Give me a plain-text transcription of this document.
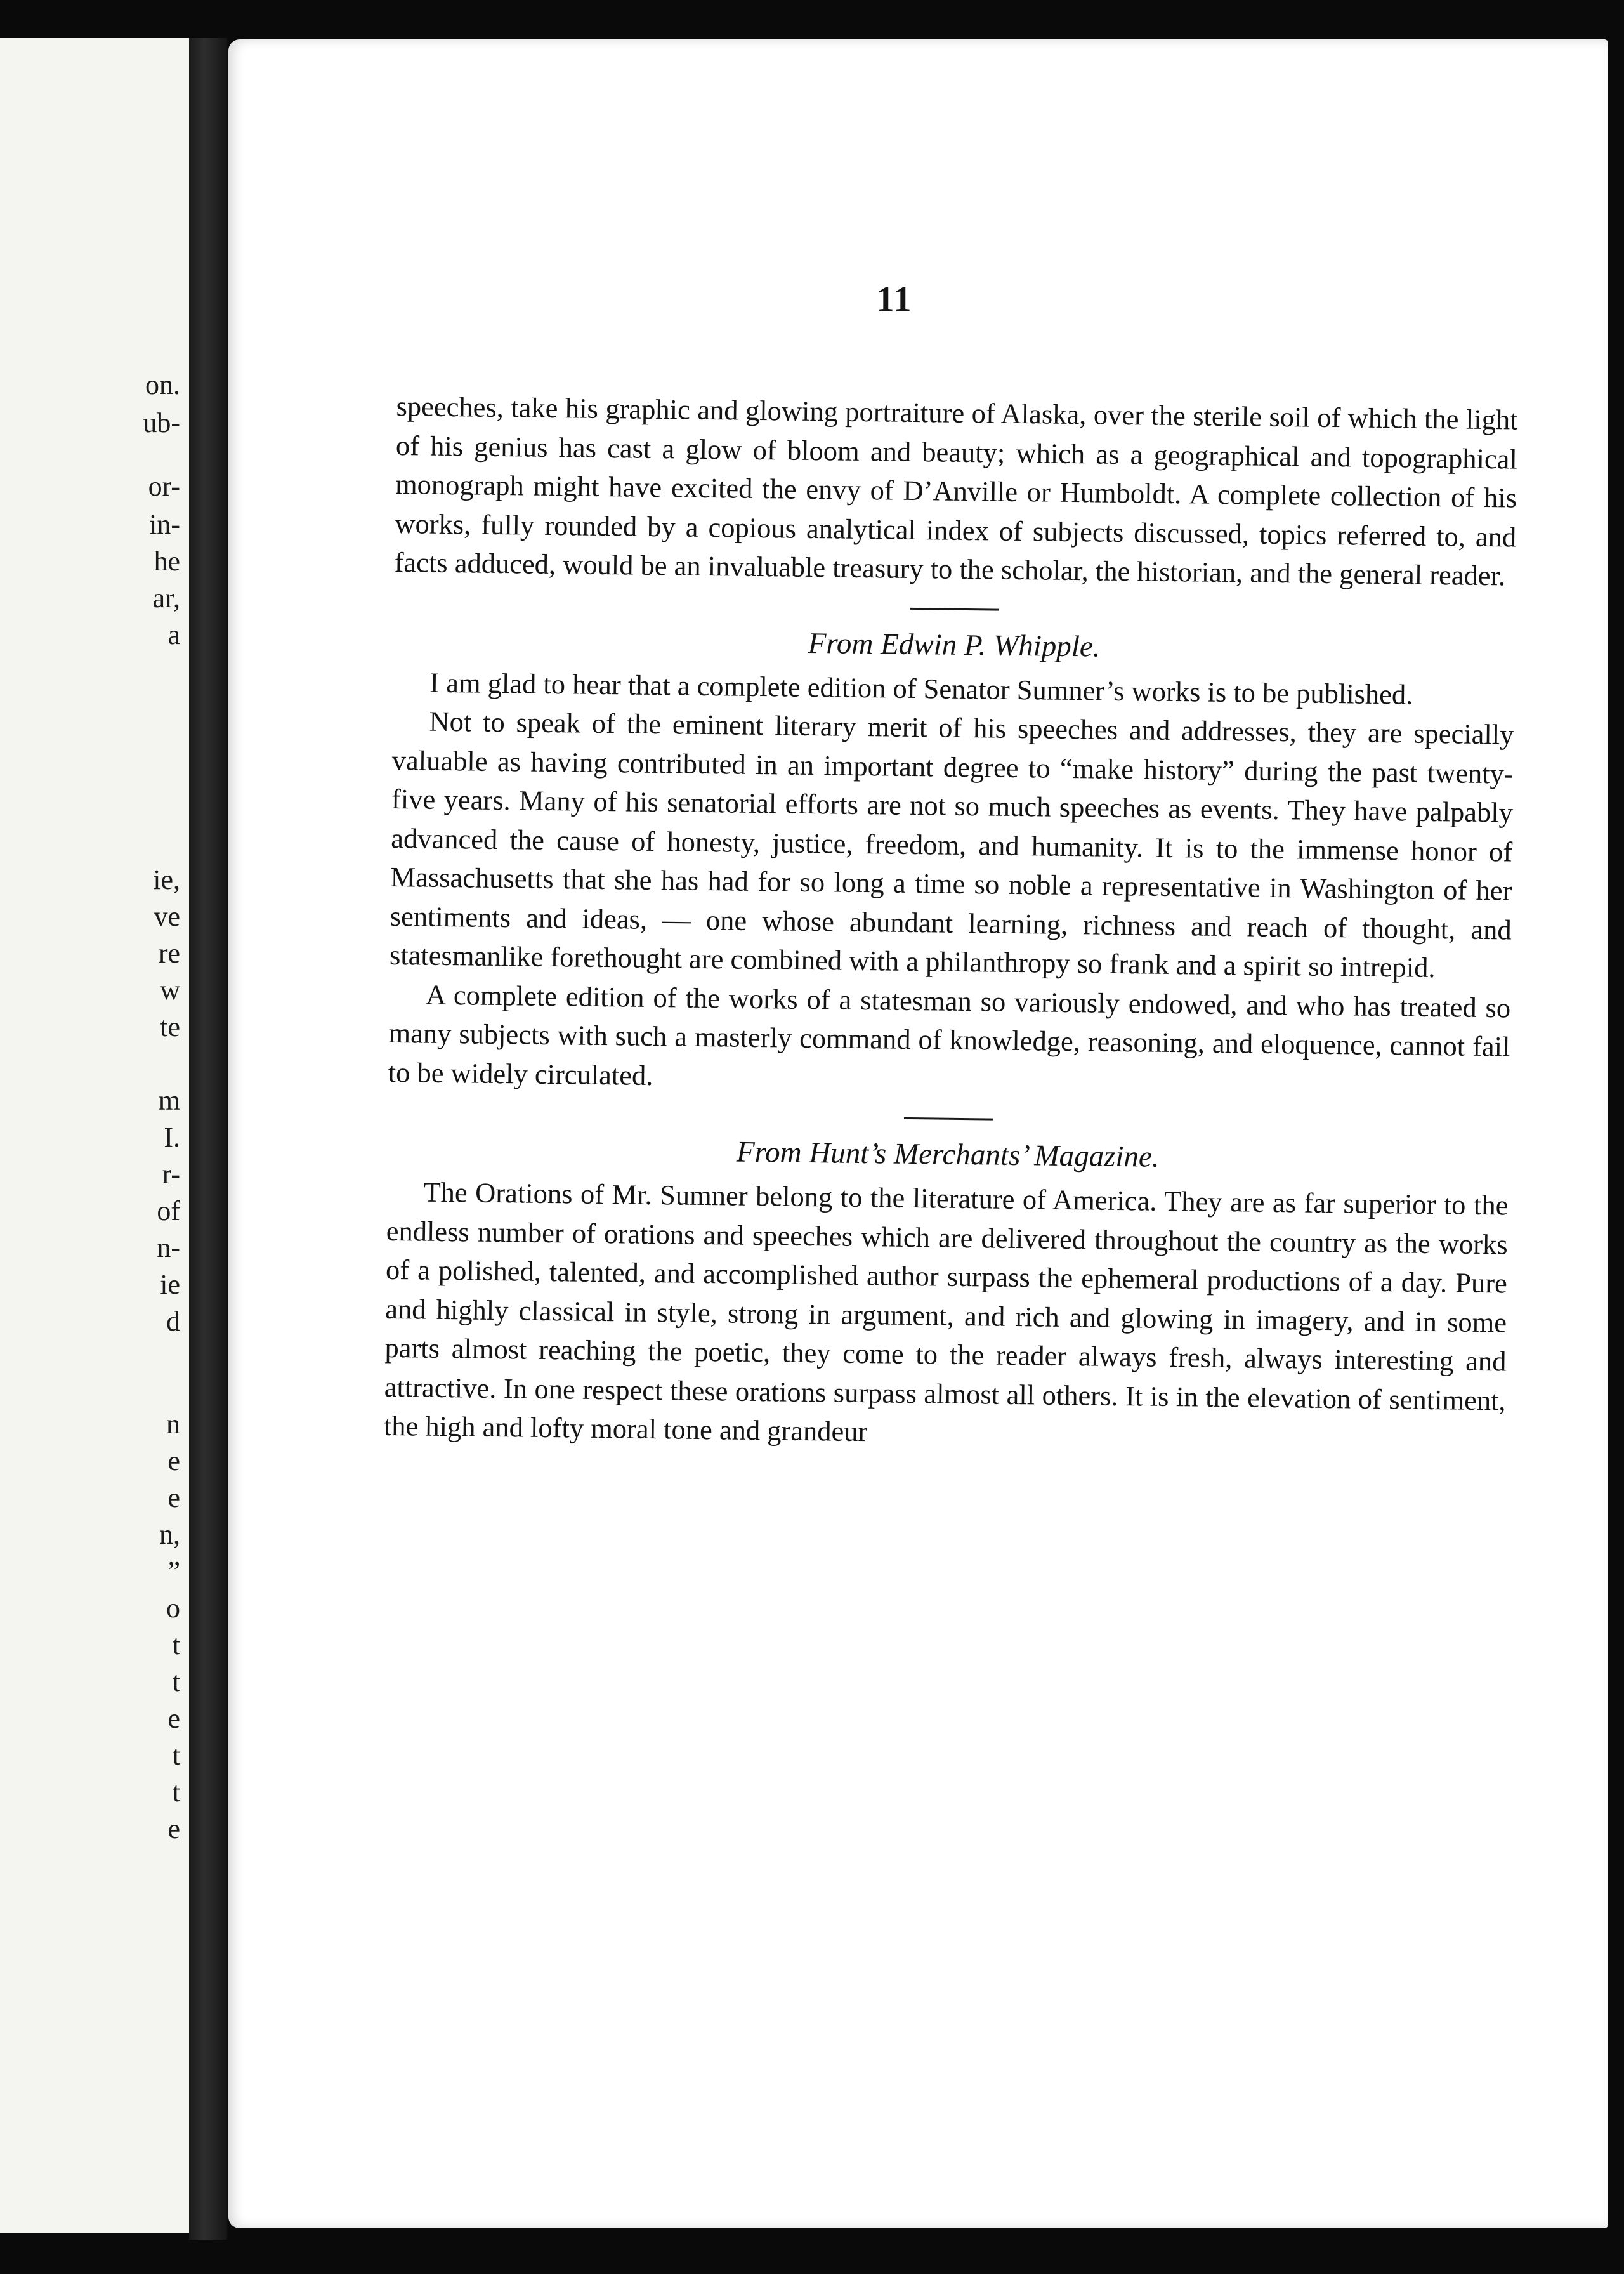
on.
ub-
or-
in-
he
ar,
a
ie,
ve
re
w
te
m
I.
r-
of
n-
ie
d
n
e
e
n,
”
o
t
t
e
t
t
e
11

speeches, take his graphic and glowing portraiture of Alaska, over the sterile soil of which the light of his genius has cast a glow of bloom and beauty; which as a geographical and topographical monograph might have excited the envy of D’Anville or Humboldt. A complete collection of his works, fully rounded by a copious analytical index of subjects discussed, topics referred to, and facts adduced, would be an invaluable treasury to the scholar, the historian, and the general reader.

From Edwin P. Whipple.

I am glad to hear that a complete edition of Senator Sumner’s works is to be published.

Not to speak of the eminent literary merit of his speeches and addresses, they are specially valuable as having contributed in an important degree to “make history” during the past twenty-five years. Many of his senatorial efforts are not so much speeches as events. They have palpably advanced the cause of honesty, justice, freedom, and humanity. It is to the immense honor of Massachusetts that she has had for so long a time so noble a representative in Washington of her sentiments and ideas, — one whose abundant learning, richness and reach of thought, and statesmanlike forethought are combined with a philanthropy so frank and a spirit so intrepid.

A complete edition of the works of a statesman so variously endowed, and who has treated so many subjects with such a masterly command of knowledge, reasoning, and eloquence, cannot fail to be widely circulated.

From Hunt’s Merchants’ Magazine.

The Orations of Mr. Sumner belong to the literature of America. They are as far superior to the endless number of orations and speeches which are delivered throughout the country as the works of a polished, talented, and accomplished author surpass the ephemeral productions of a day. Pure and highly classical in style, strong in argument, and rich and glowing in imagery, and in some parts almost reaching the poetic, they come to the reader always fresh, always interesting and attractive. In one respect these orations surpass almost all others. It is in the elevation of sentiment, the high and lofty moral tone and grandeur
